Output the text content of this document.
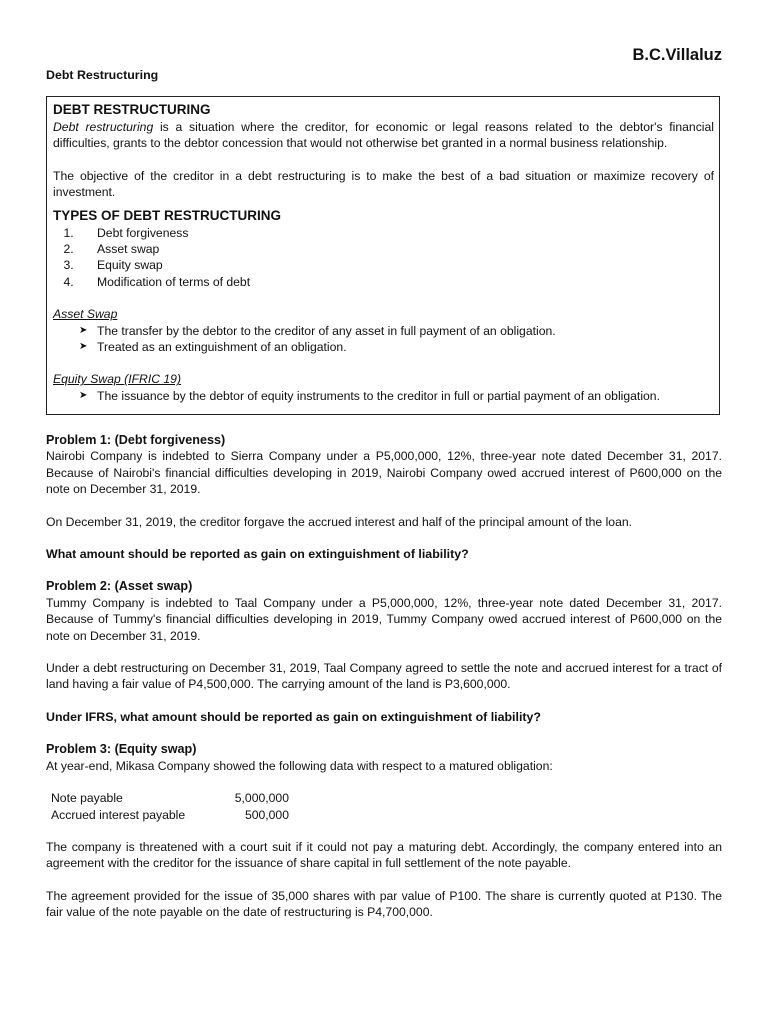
B.C.Villaluz
Debt Restructuring
DEBT RESTRUCTURING

Debt restructuring is a situation where the creditor, for economic or legal reasons related to the debtor's financial difficulties, grants to the debtor concession that would not otherwise bet granted in a normal business relationship.

The objective of the creditor in a debt restructuring is to make the best of a bad situation or maximize recovery of investment.

TYPES OF DEBT RESTRUCTURING
1. Debt forgiveness
2. Asset swap
3. Equity swap
4. Modification of terms of debt
Asset Swap
➤ The transfer by the debtor to the creditor of any asset in full payment of an obligation.
➤ Treated as an extinguishment of an obligation.
Equity Swap (IFRIC 19)
➤ The issuance by the debtor of equity instruments to the creditor in full or partial payment of an obligation.
Problem 1: (Debt forgiveness)

Nairobi Company is indebted to Sierra Company under a P5,000,000, 12%, three-year note dated December 31, 2017. Because of Nairobi's financial difficulties developing in 2019, Nairobi Company owed accrued interest of P600,000 on the note on December 31, 2019.

On December 31, 2019, the creditor forgave the accrued interest and half of the principal amount of the loan.

What amount should be reported as gain on extinguishment of liability?
Problem 2: (Asset swap)

Tummy Company is indebted to Taal Company under a P5,000,000, 12%, three-year note dated December 31, 2017. Because of Tummy's financial difficulties developing in 2019, Tummy Company owed accrued interest of P600,000 on the note on December 31, 2019.

Under a debt restructuring on December 31, 2019, Taal Company agreed to settle the note and accrued interest for a tract of land having a fair value of P4,500,000. The carrying amount of the land is P3,600,000.

Under IFRS, what amount should be reported as gain on extinguishment of liability?
Problem 3: (Equity swap)

At year-end, Mikasa Company showed the following data with respect to a matured obligation:

Note payable	5,000,000
Accrued interest payable	500,000

The company is threatened with a court suit if it could not pay a maturing debt. Accordingly, the company entered into an agreement with the creditor for the issuance of share capital in full settlement of the note payable.

The agreement provided for the issue of 35,000 shares with par value of P100. The share is currently quoted at P130. The fair value of the note payable on the date of restructuring is P4,700,000.
